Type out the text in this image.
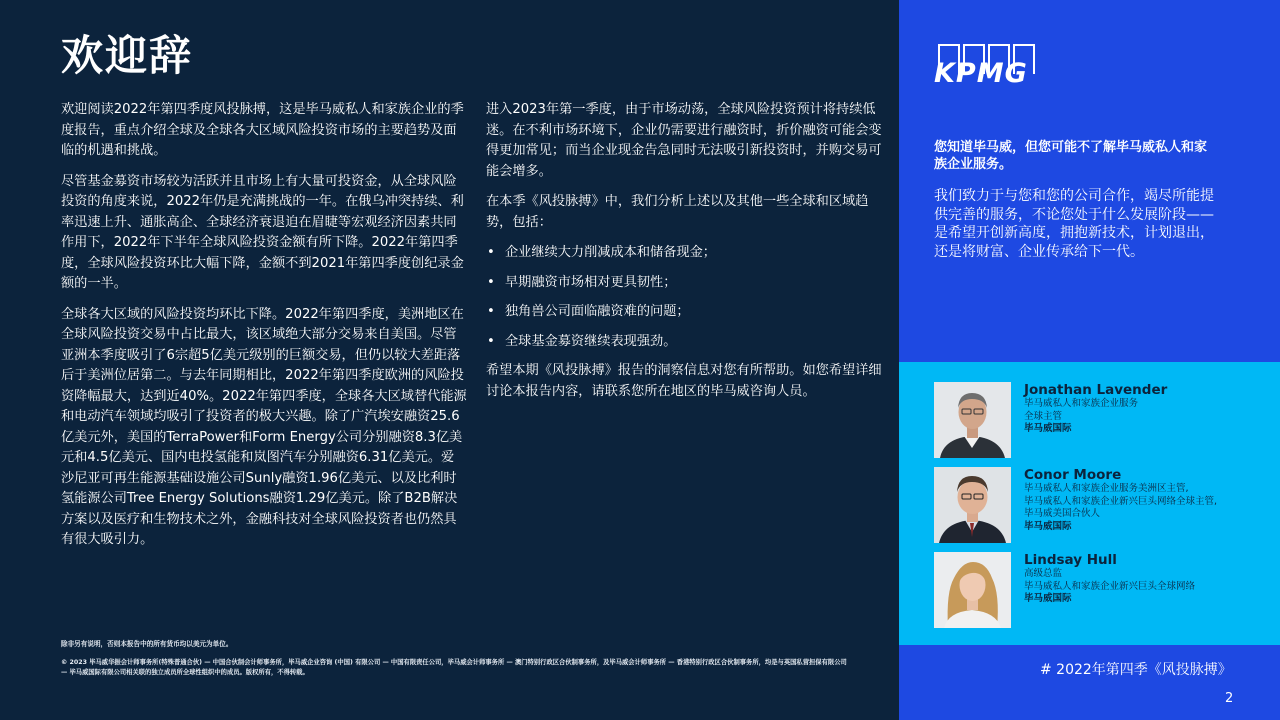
欢迎辞

欢迎阅读2022年第四季度风投脉搏，这是毕马威私人和家族企业的季度报告，重点介绍全球及全球各大区域风险投资市场的主要趋势及面临的机遇和挑战。

尽管基金募资市场较为活跃并且市场上有大量可投资金，从全球风险投资的角度来说，2022年仍是充满挑战的一年。在俄乌冲突持续、利率迅速上升、通胀高企、全球经济衰退迫在眉睫等宏观经济因素共同作用下，2022年下半年全球风险投资金额有所下降。2022年第四季度，全球风险投资环比大幅下降，金额不到2021年第四季度创纪录金额的一半。

全球各大区域的风险投资均环比下降。2022年第四季度，美洲地区在全球风险投资交易中占比最大，该区域绝大部分交易来自美国。尽管亚洲本季度吸引了6宗超5亿美元级别的巨额交易，但仍以较大差距落后于美洲位居第二。与去年同期相比，2022年第四季度欧洲的风险投资降幅最大，达到近40%。2022年第四季度，全球各大区域替代能源和电动汽车领域均吸引了投资者的极大兴趣。除了广汽埃安融资25.6亿美元外，美国的TerraPower和Form Energy公司分别融资8.3亿美元和4.5亿美元、国内电投氢能和岚图汽车分别融资6.31亿美元。爱沙尼亚可再生能源基础设施公司Sunly融资1.96亿美元、以及比利时氢能源公司Tree Energy Solutions融资1.29亿美元。除了B2B解决方案以及医疗和生物技术之外，金融科技对全球风险投资者也仍然具有很大吸引力。

进入2023年第一季度，由于市场动荡，全球风险投资预计将持续低迷。在不利市场环境下，企业仍需要进行融资时，折价融资可能会变得更加常见；而当企业现金告急同时无法吸引新投资时，并购交易可能会增多。

在本季《风投脉搏》中，我们分析上述以及其他一些全球和区域趋势，包括：

• 企业继续大力削减成本和储备现金；
• 早期融资市场相对更具韧性；
• 独角兽公司面临融资难的问题；
• 全球基金募资继续表现强劲。

希望本期《风投脉搏》报告的洞察信息对您有所帮助。如您希望详细讨论本报告内容，请联系您所在地区的毕马威咨询人员。

除非另有说明，否则本报告中的所有货币均以美元为单位。
© 2023 毕马威华振会计师事务所(特殊普通合伙) — 中国合伙制会计师事务所，毕马威企业咨询 (中国) 有限公司 — 中国有限责任公司，毕马威会计师事务所 — 澳门特别行政区合伙制事务所，及毕马威会计师事务所 — 香港特别行政区合伙制事务所，均是与英国私营担保有限公司 — 毕马威国际有限公司相关联的独立成员所全球性组织中的成员。版权所有，不得转载。
KPMG
您知道毕马威，但您可能不了解毕马威私人和家族企业服务。
我们致力于与您和您的公司合作，竭尽所能提供完善的服务，不论您处于什么发展阶段——是希望开创新高度，拥抱新技术，计划退出，还是将财富、企业传承给下一代。
Jonathan Lavender
毕马威私人和家族企业服务
全球主管
毕马威国际
Conor Moore
毕马威私人和家族企业服务美洲区主管,
毕马威私人和家族企业新兴巨头网络全球主管,
毕马威美国合伙人
毕马威国际
Lindsay Hull
高级总监
毕马威私人和家族企业新兴巨头全球网络
毕马威国际
# 2022年第四季《风投脉搏》
2
